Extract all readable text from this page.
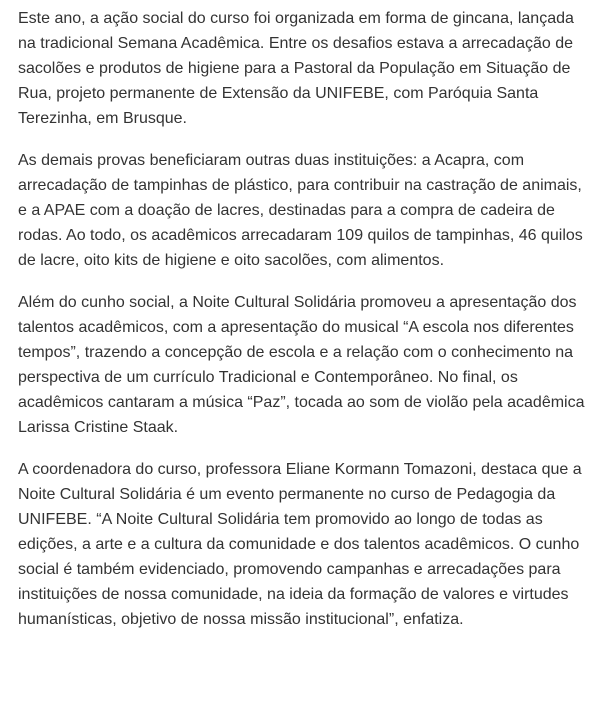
Este ano, a ação social do curso foi organizada em forma de gincana, lançada
na tradicional Semana Acadêmica. Entre os desafios estava a arrecadação de
sacolões e produtos de higiene para a Pastoral da População em Situação de
Rua, projeto permanente de Extensão da UNIFEBE, com Paróquia Santa
Terezinha, em Brusque.

As demais provas beneficiaram outras duas instituições: a Acapra, com
arrecadação de tampinhas de plástico, para contribuir na castração de animais,
e a APAE com a doação de lacres, destinadas para a compra de cadeira de
rodas. Ao todo, os acadêmicos arrecadaram 109 quilos de tampinhas, 46 quilos
de lacre, oito kits de higiene e oito sacolões, com alimentos.

Além do cunho social, a Noite Cultural Solidária promoveu a apresentação dos
talentos acadêmicos, com a apresentação do musical “A escola nos diferentes
tempos”, trazendo a concepção de escola e a relação com o conhecimento na
perspectiva de um currículo Tradicional e Contemporâneo. No final, os
acadêmicos cantaram a música “Paz”, tocada ao som de violão pela acadêmica
Larissa Cristine Staak.

A coordenadora do curso, professora Eliane Kormann Tomazoni, destaca que a
Noite Cultural Solidária é um evento permanente no curso de Pedagogia da
UNIFEBE. “A Noite Cultural Solidária tem promovido ao longo de todas as
edições, a arte e a cultura da comunidade e dos talentos acadêmicos. O cunho
social é também evidenciado, promovendo campanhas e arrecadações para
instituições de nossa comunidade, na ideia da formação de valores e virtudes
humanísticas, objetivo de nossa missão institucional”, enfatiza.
